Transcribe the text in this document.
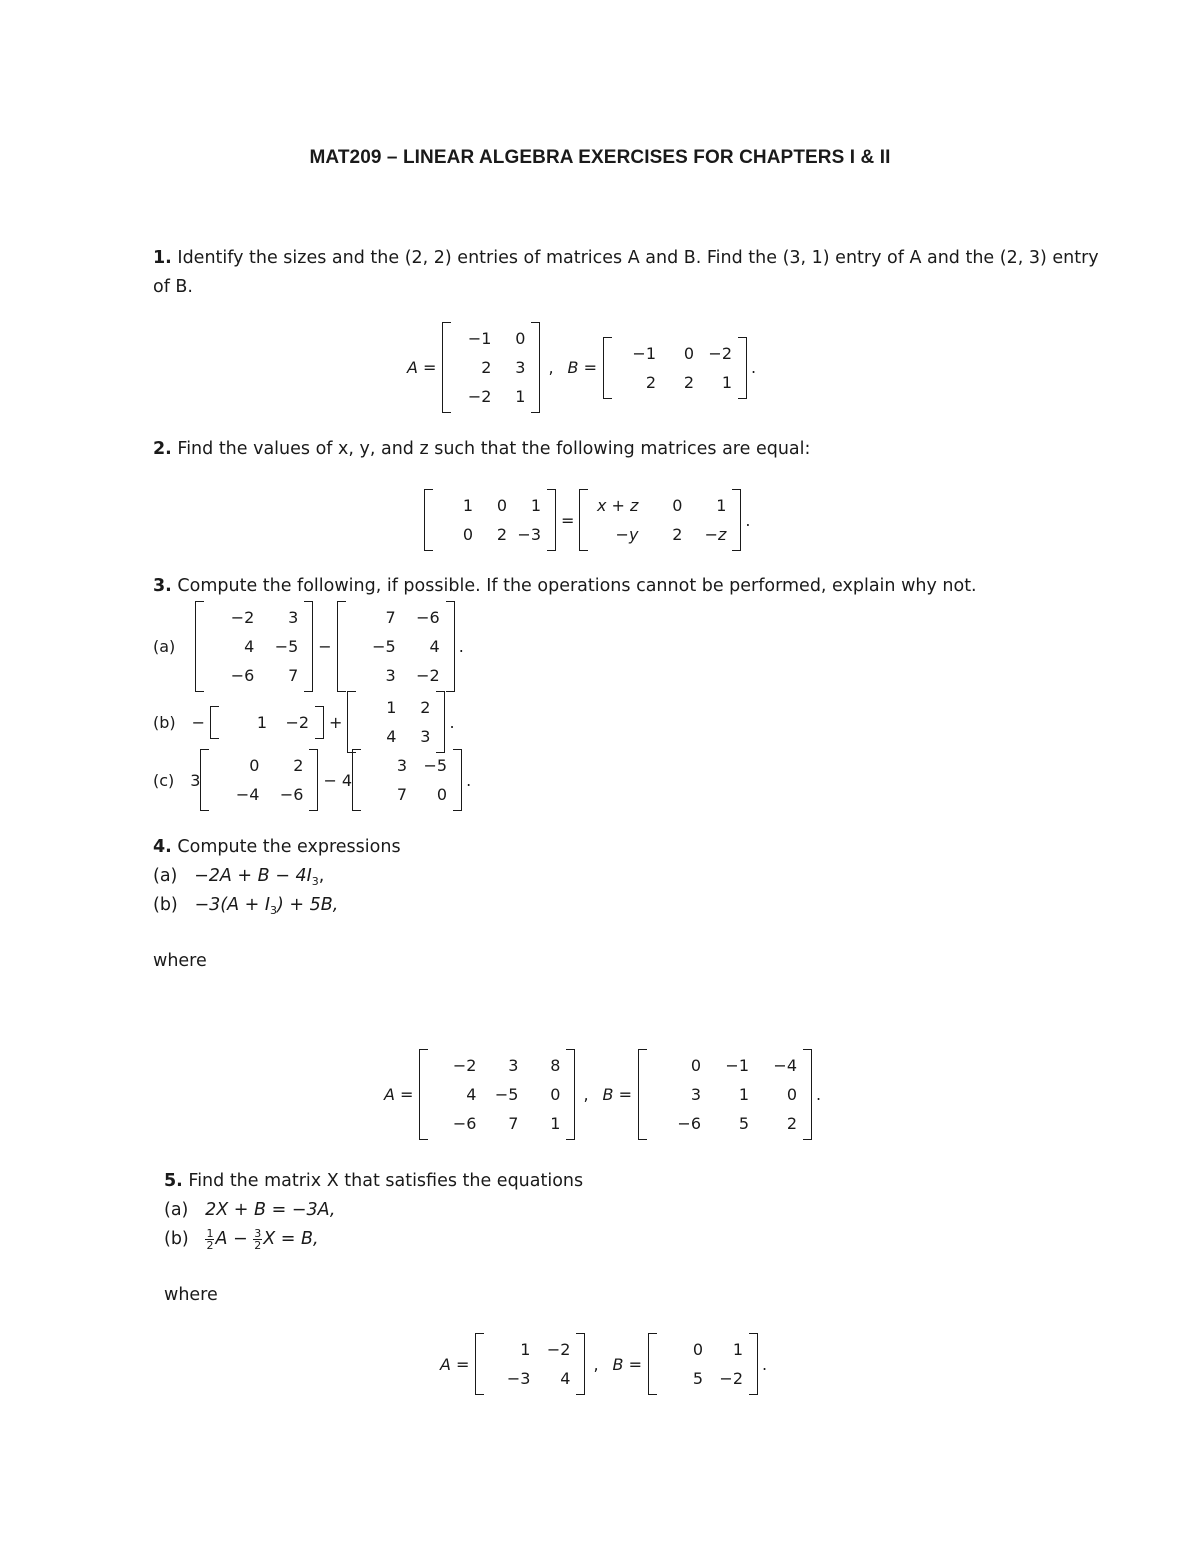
MAT209 – LINEAR ALGEBRA EXERCISES FOR CHAPTERS I & II
1. Identify the sizes and the (2, 2) entries of matrices A and B. Find the (3, 1) entry of A and the (2, 3) entry
of B.
A =
−1	0
2	3
−2	1
, B =
−1	0 −2
2	2	1
.
2. Find the values of x, y, and z such that the following matrices are equal:
1	0	1
0	2 −3
=
x + z	0	1
−y	2	−z
.
3. Compute the following, if possible. If the operations cannot be performed, explain why not.
(a)
−2	3
4	−5
−6	7
−
7	−6
−5	4
3	−2
.
(b) −	1	−2 +
1	2
4	3
.
(c) 3
0	2
−4	−6
− 4
3	−5
7	0
.
4. Compute the expressions
$(a) -2A + B - 4I_3$,
$(b) -3(A + I_3) + 5B$,
where
A =
−2	3	8
4	−5	0
−6	7	1
, B =
0	−1	−4
3	1	0
−6	5	2
.
5. Find the matrix X that satisfies the equations
(a) 2X + B = −3A,
$(b) \frac{1}{2}$ $A - \frac{3}{2}$ X = B,
where
A =
1	−2
−3	4
, B =
0	1
5	−2
.
